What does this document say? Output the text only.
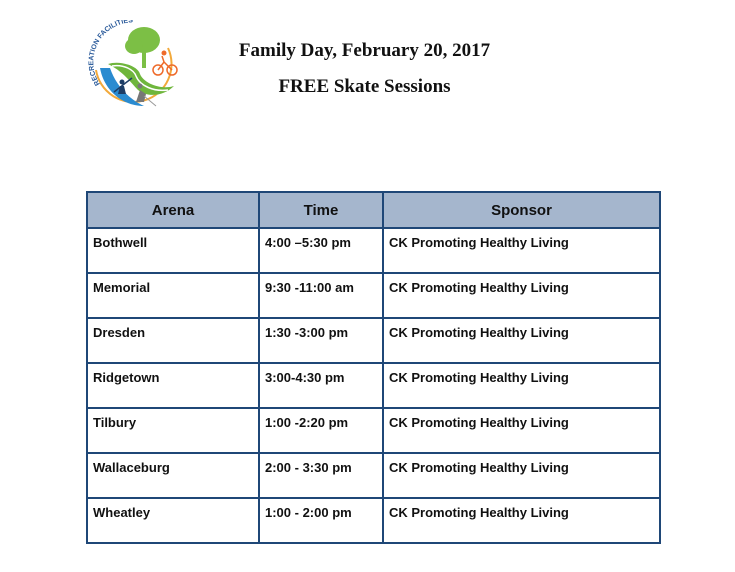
RECREATION FACILITIES
Family Day, February 20, 2017
FREE Skate Sessions
Arena	Time	Sponsor
Bothwell	4:00 –5:30 pm	CK Promoting Healthy Living
Memorial	9:30 -11:00 am	CK Promoting Healthy Living
Dresden	1:30 -3:00 pm	CK Promoting Healthy Living
Ridgetown	3:00-4:30 pm	CK Promoting Healthy Living
Tilbury	1:00 -2:20 pm	CK Promoting Healthy Living
Wallaceburg	2:00 - 3:30 pm	CK Promoting Healthy Living
Wheatley	1:00 - 2:00 pm	CK Promoting Healthy Living
